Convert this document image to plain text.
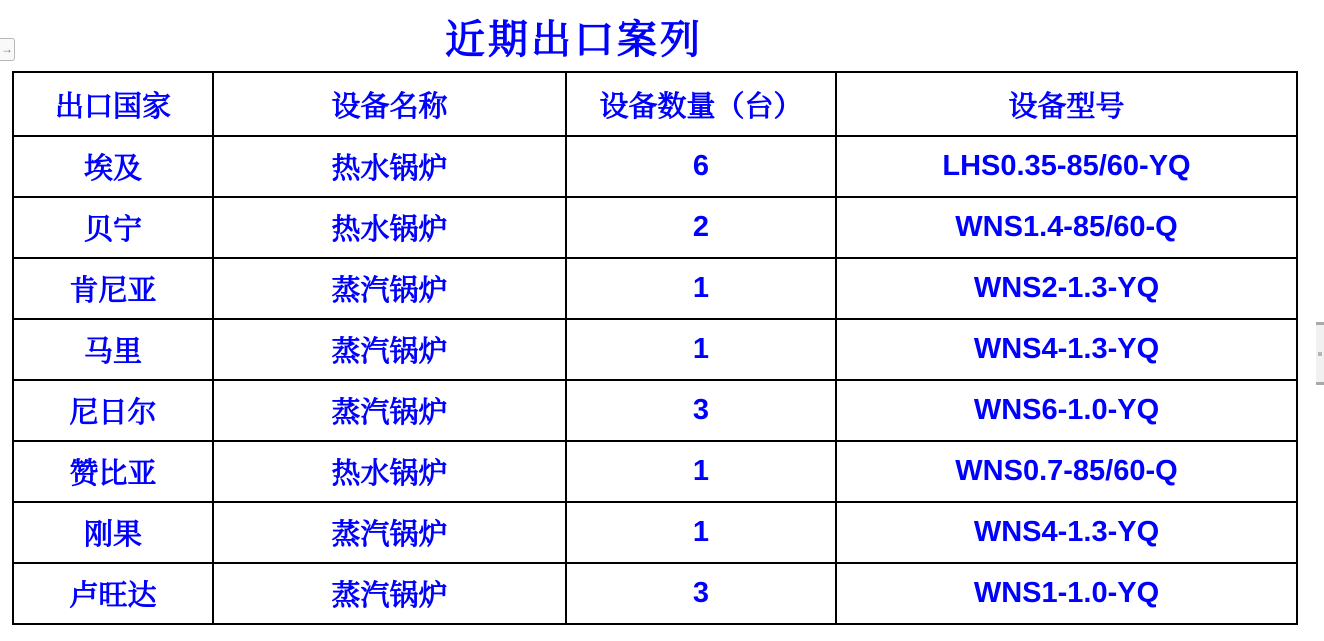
→	近期出口案列
出口国家	设备名称	设备数量（台）	设备型号
埃及	热水锅炉	6	LHS0.35-85/60-YQ
贝宁	热水锅炉	2	WNS1.4-85/60-Q
肯尼亚	蒸汽锅炉	1	WNS2-1.3-YQ
马里	蒸汽锅炉	1	WNS4-1.3-YQ
尼日尔	蒸汽锅炉	3	WNS6-1.0-YQ
赞比亚	热水锅炉	1	WNS0.7-85/60-Q
刚果	蒸汽锅炉	1	WNS4-1.3-YQ
卢旺达	蒸汽锅炉	3	WNS1-1.0-YQ
